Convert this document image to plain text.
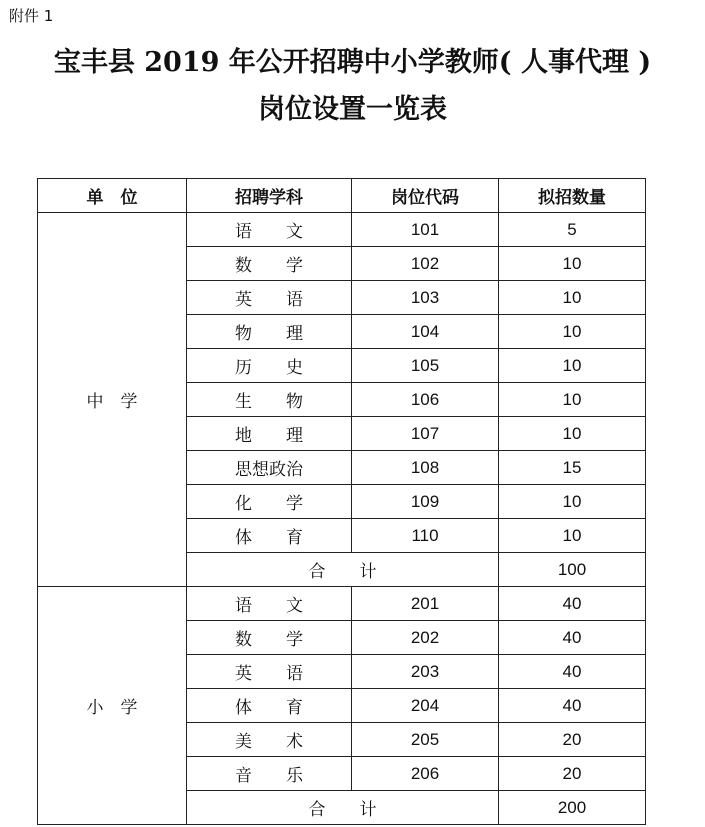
附件 1
宝丰县 2019 年公开招聘中小学教师( 人事代理 )
岗位设置一览表
单　位	招聘学科	岗位代码	拟招数量
中　学	语　　文	101	5
	数　　学	102	10
	英　　语	103	10
	物　　理	104	10
	历　　史	105	10
	生　　物	106	10
	地　　理	107	10
	思想政治	108	15
	化　　学	109	10
	体　　育	110	10
	合　　计		100
小　学	语　　文	201	40
	数　　学	202	40
	英　　语	203	40
	体　　育	204	40
	美　　术	205	20
	音　　乐	206	20
	合　　计		200
